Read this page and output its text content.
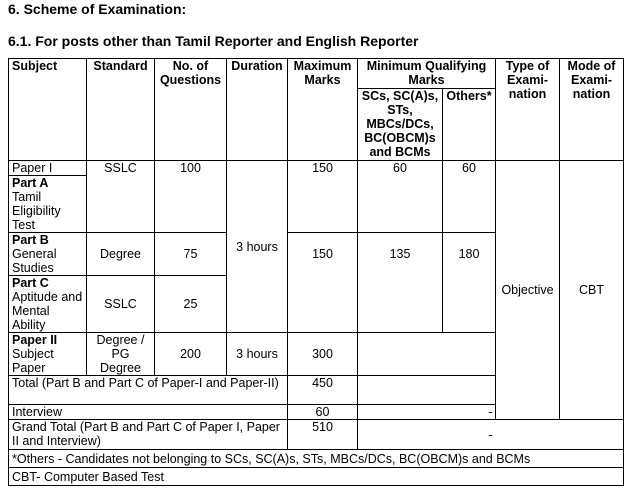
6. Scheme of Examination:
6.1. For posts other than Tamil Reporter and English Reporter
Subject	Standard	No. of Questions	Duration	Maximum Marks	Minimum Qualifying Marks		Type of Exami-nation	Mode of Exami-nation
					SCs, SC(A)s, STs, MBCs/DCs, BC(OBCM)s and BCMs	Others*		
Paper I	SSLC	100	3 hours	150	60	60	Objective	CBT
Part A
Tamil Eligibility Test								
Part B
General Studies	Degree	75		150	135	180		
Part C
Aptitude and Mental Ability	SSLC	25						
Paper II
Subject Paper	Degree / PG Degree	200	3 hours	300				
Total (Part B and Part C of Paper-I and Paper-II)				450				
Interview				60	-			
Grand Total (Part B and Part C of Paper I, Paper II and Interview)				510	-			
*Others - Candidates not belonging to SCs, SC(A)s, STs, MBCs/DCs, BC(OBCM)s and BCMs								
CBT- Computer Based Test								
